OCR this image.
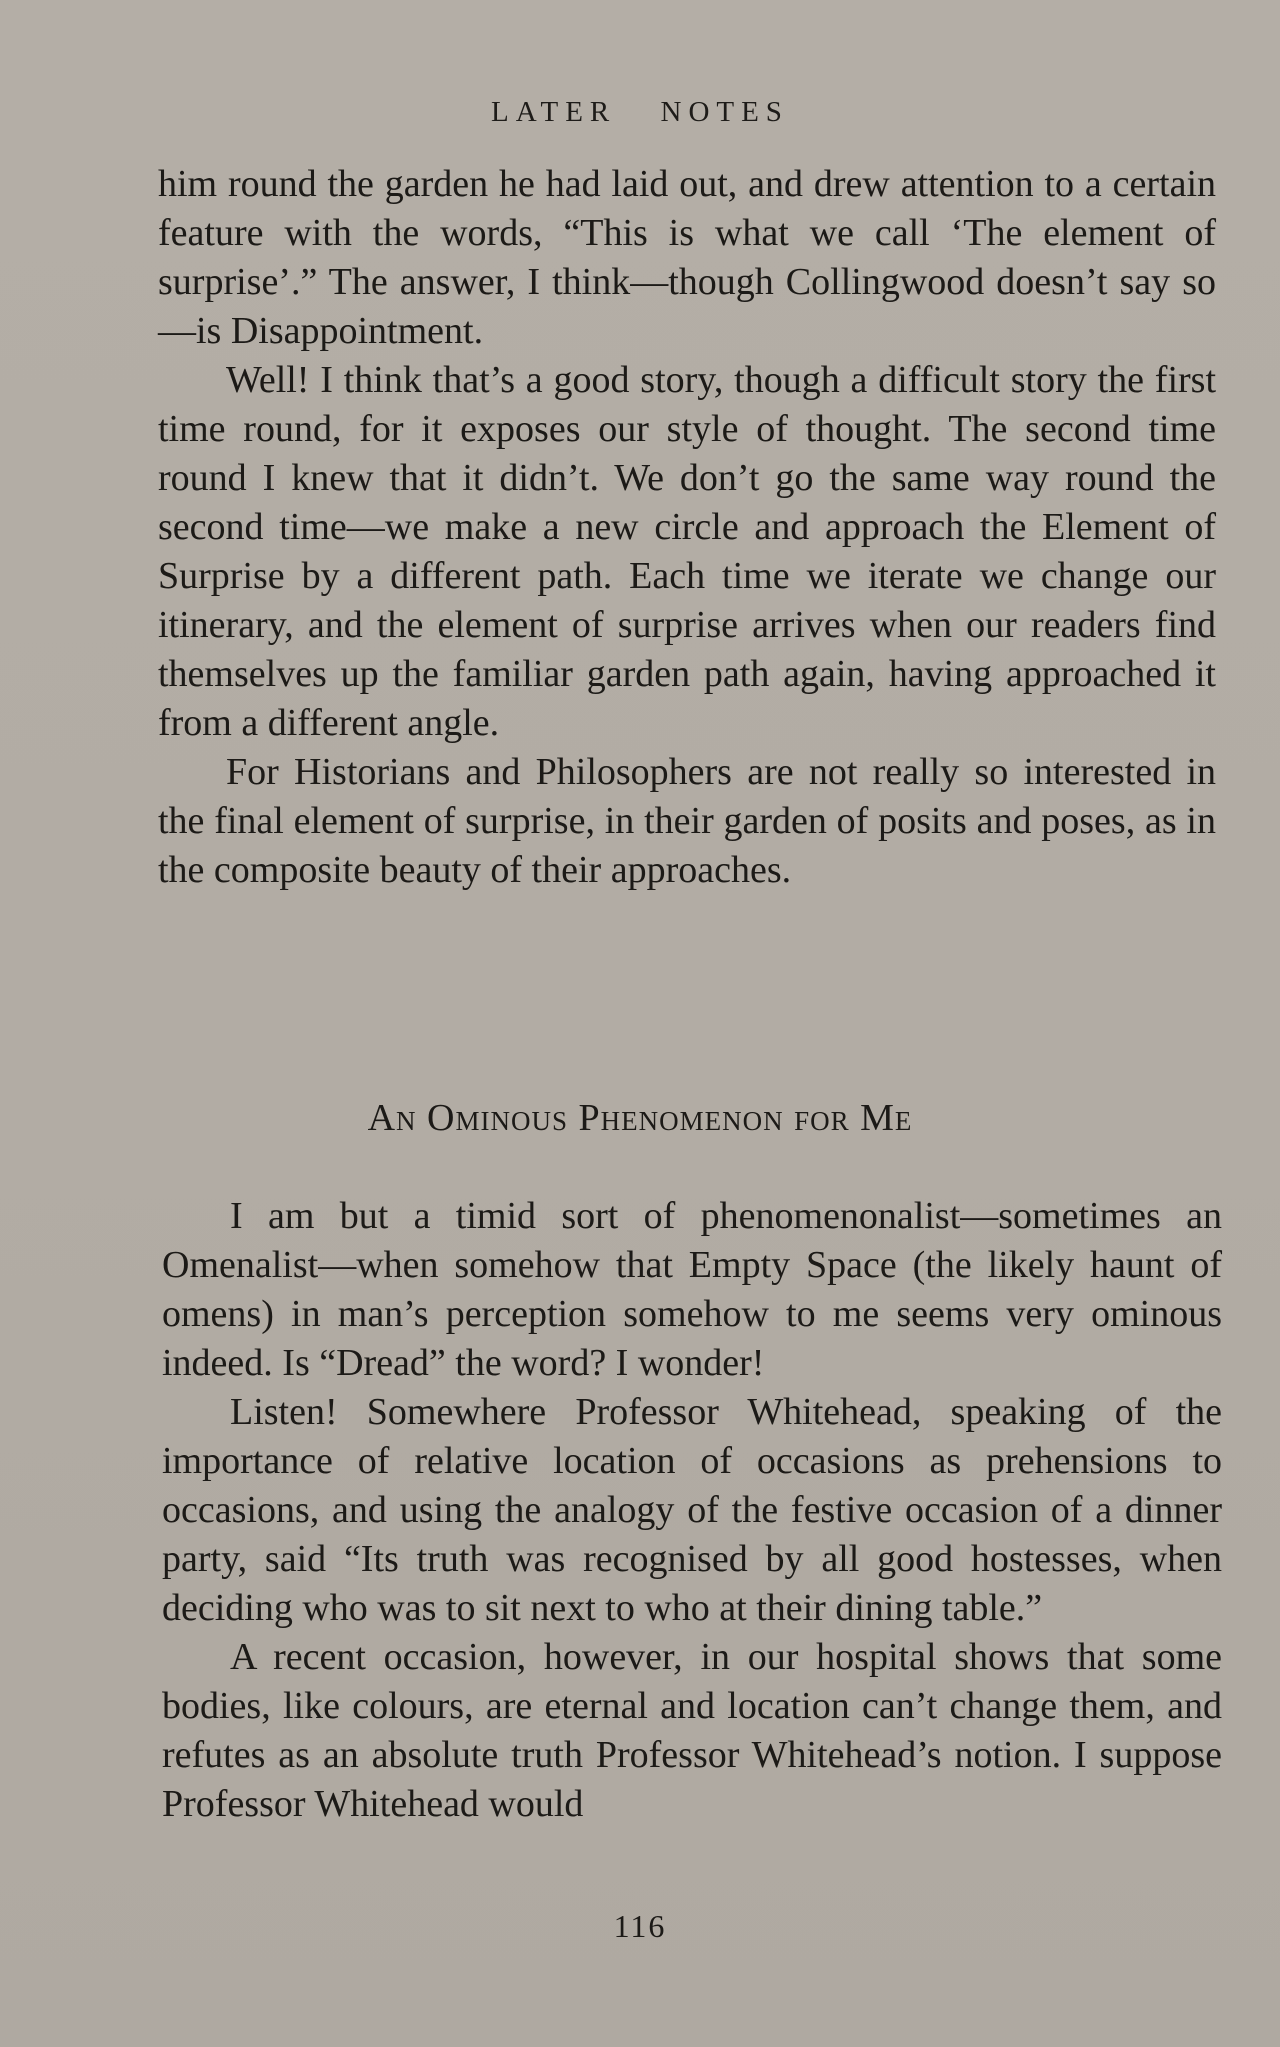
LATER NOTES

him round the garden he had laid out, and drew attention to a certain feature with the words, “This is what we call ‘The element of surprise’.” The answer, I think—though Collingwood doesn’t say so—is Disappointment.

Well! I think that’s a good story, though a difficult story the first time round, for it exposes our style of thought. The second time round I knew that it didn’t. We don’t go the same way round the second time—we make a new circle and approach the Element of Surprise by a different path. Each time we iterate we change our itinerary, and the element of surprise arrives when our readers find themselves up the familiar garden path again, having approached it from a different angle.

For Historians and Philosophers are not really so interested in the final element of surprise, in their garden of posits and poses, as in the composite beauty of their approaches.

An Ominous Phenomenon for Me

I am but a timid sort of phenomenonalist—sometimes an Omenalist—when somehow that Empty Space (the likely haunt of omens) in man’s perception somehow to me seems very ominous indeed. Is “Dread” the word? I wonder!

Listen! Somewhere Professor Whitehead, speaking of the importance of relative location of occasions as prehensions to occasions, and using the analogy of the festive occasion of a dinner party, said “Its truth was recognised by all good hostesses, when deciding who was to sit next to who at their dining table.”

A recent occasion, however, in our hospital shows that some bodies, like colours, are eternal and location can’t change them, and refutes as an absolute truth Professor Whitehead’s notion. I suppose Professor Whitehead would

116
